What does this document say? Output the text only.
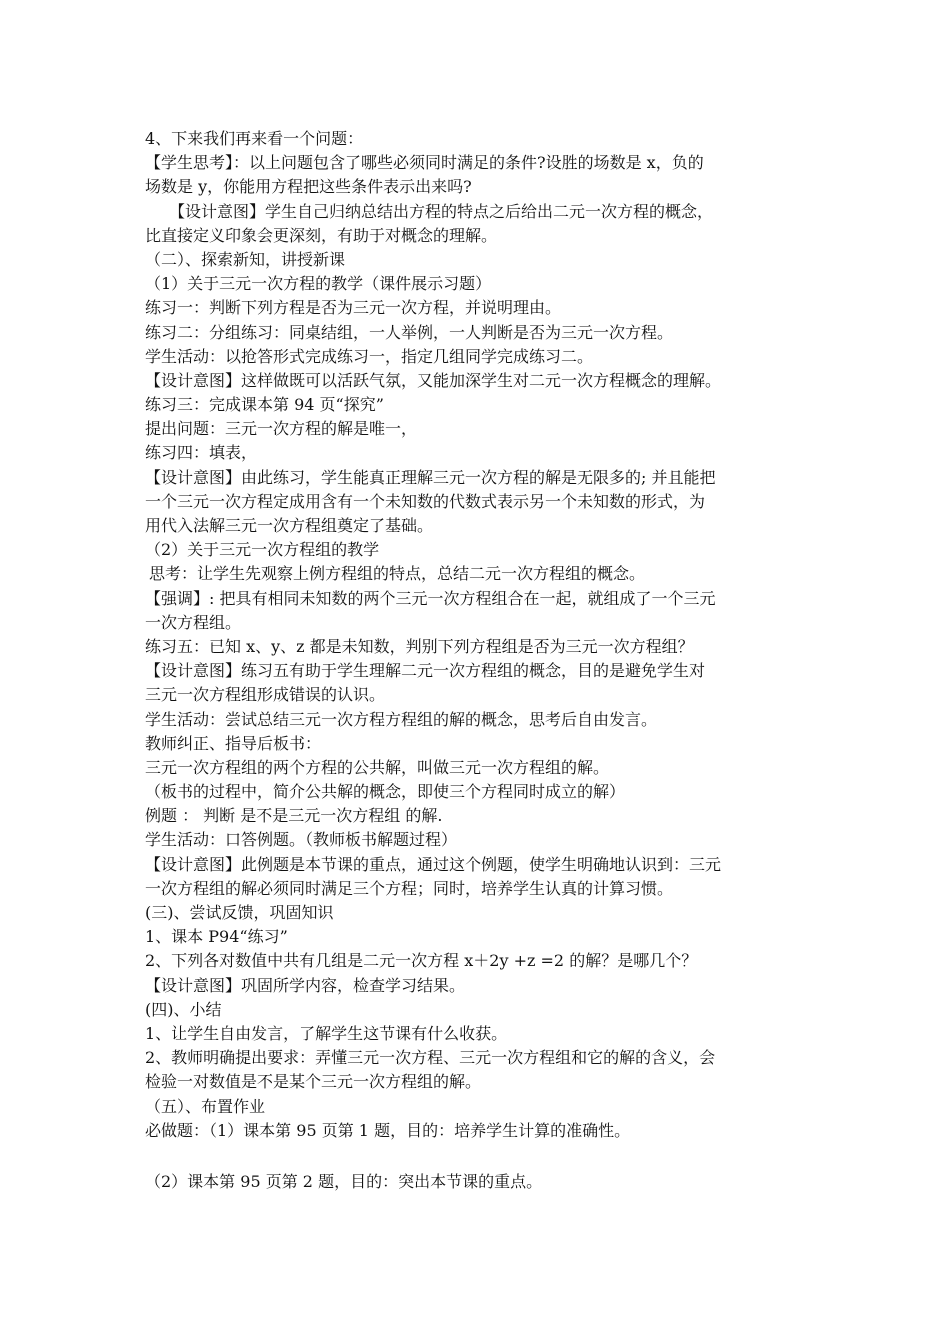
4、下来我们再来看一个问题：
【学生思考】：以上问题包含了哪些必须同时满足的条件?设胜的场数是 x，负的
场数是 y，你能用方程把这些条件表示出来吗?
【设计意图】学生自己归纳总结出方程的特点之后给出二元一次方程的概念，
比直接定义印象会更深刻，有助于对概念的理解。
（二）、探索新知，讲授新课
（1）关于三元一次方程的教学（课件展示习题）
练习一：判断下列方程是否为三元一次方程，并说明理由。
练习二：分组练习：同桌结组，一人举例，一人判断是否为三元一次方程。
学生活动：以抢答形式完成练习一，指定几组同学完成练习二。
【设计意图】这样做既可以活跃气氛，又能加深学生对二元一次方程概念的理解。
练习三：完成课本第 94 页“探究”
提出问题：三元一次方程的解是唯一，
练习四：填表，
【设计意图】由此练习，学生能真正理解三元一次方程的解是无限多的; 并且能把
一个三元一次方程定成用含有一个未知数的代数式表示另一个未知数的形式，为
用代入法解三元一次方程组奠定了基础。
（2）关于三元一次方程组的教学
思考：让学生先观察上例方程组的特点，总结二元一次方程组的概念。
【强调】: 把具有相同未知数的两个三元一次方程组合在一起，就组成了一个三元
一次方程组。
练习五：已知 x、y、z 都是未知数，判别下列方程组是否为三元一次方程组？
【设计意图】练习五有助于学生理解二元一次方程组的概念，目的是避免学生对
三元一次方程组形成错误的认识。
学生活动：尝试总结三元一次方程方程组的解的概念，思考后自由发言。
教师纠正、指导后板书：
三元一次方程组的两个方程的公共解，叫做三元一次方程组的解。
（板书的过程中，简介公共解的概念，即使三个方程同时成立的解）
例题 ： 判断 是不是三元一次方程组 的解.
学生活动：口答例题。（教师板书解题过程）
【设计意图】此例题是本节课的重点，通过这个例题，使学生明确地认识到：三元
一次方程组的解必须同时满足三个方程；同时，培养学生认真的计算习惯。
(三)、尝试反馈，巩固知识
1、课本 P94“练习”
2、下列各对数值中共有几组是二元一次方程 x＋2y +z =2 的解？是哪几个？
【设计意图】巩固所学内容，检查学习结果。
(四)、小结
1、让学生自由发言，了解学生这节课有什么收获。
2、教师明确提出要求：弄懂三元一次方程、三元一次方程组和它的解的含义，会
检验一对数值是不是某个三元一次方程组的解。
（五）、布置作业
必做题：（1）课本第 95 页第 1 题，目的：培养学生计算的准确性。
（2）课本第 95 页第 2 题，目的：突出本节课的重点。
